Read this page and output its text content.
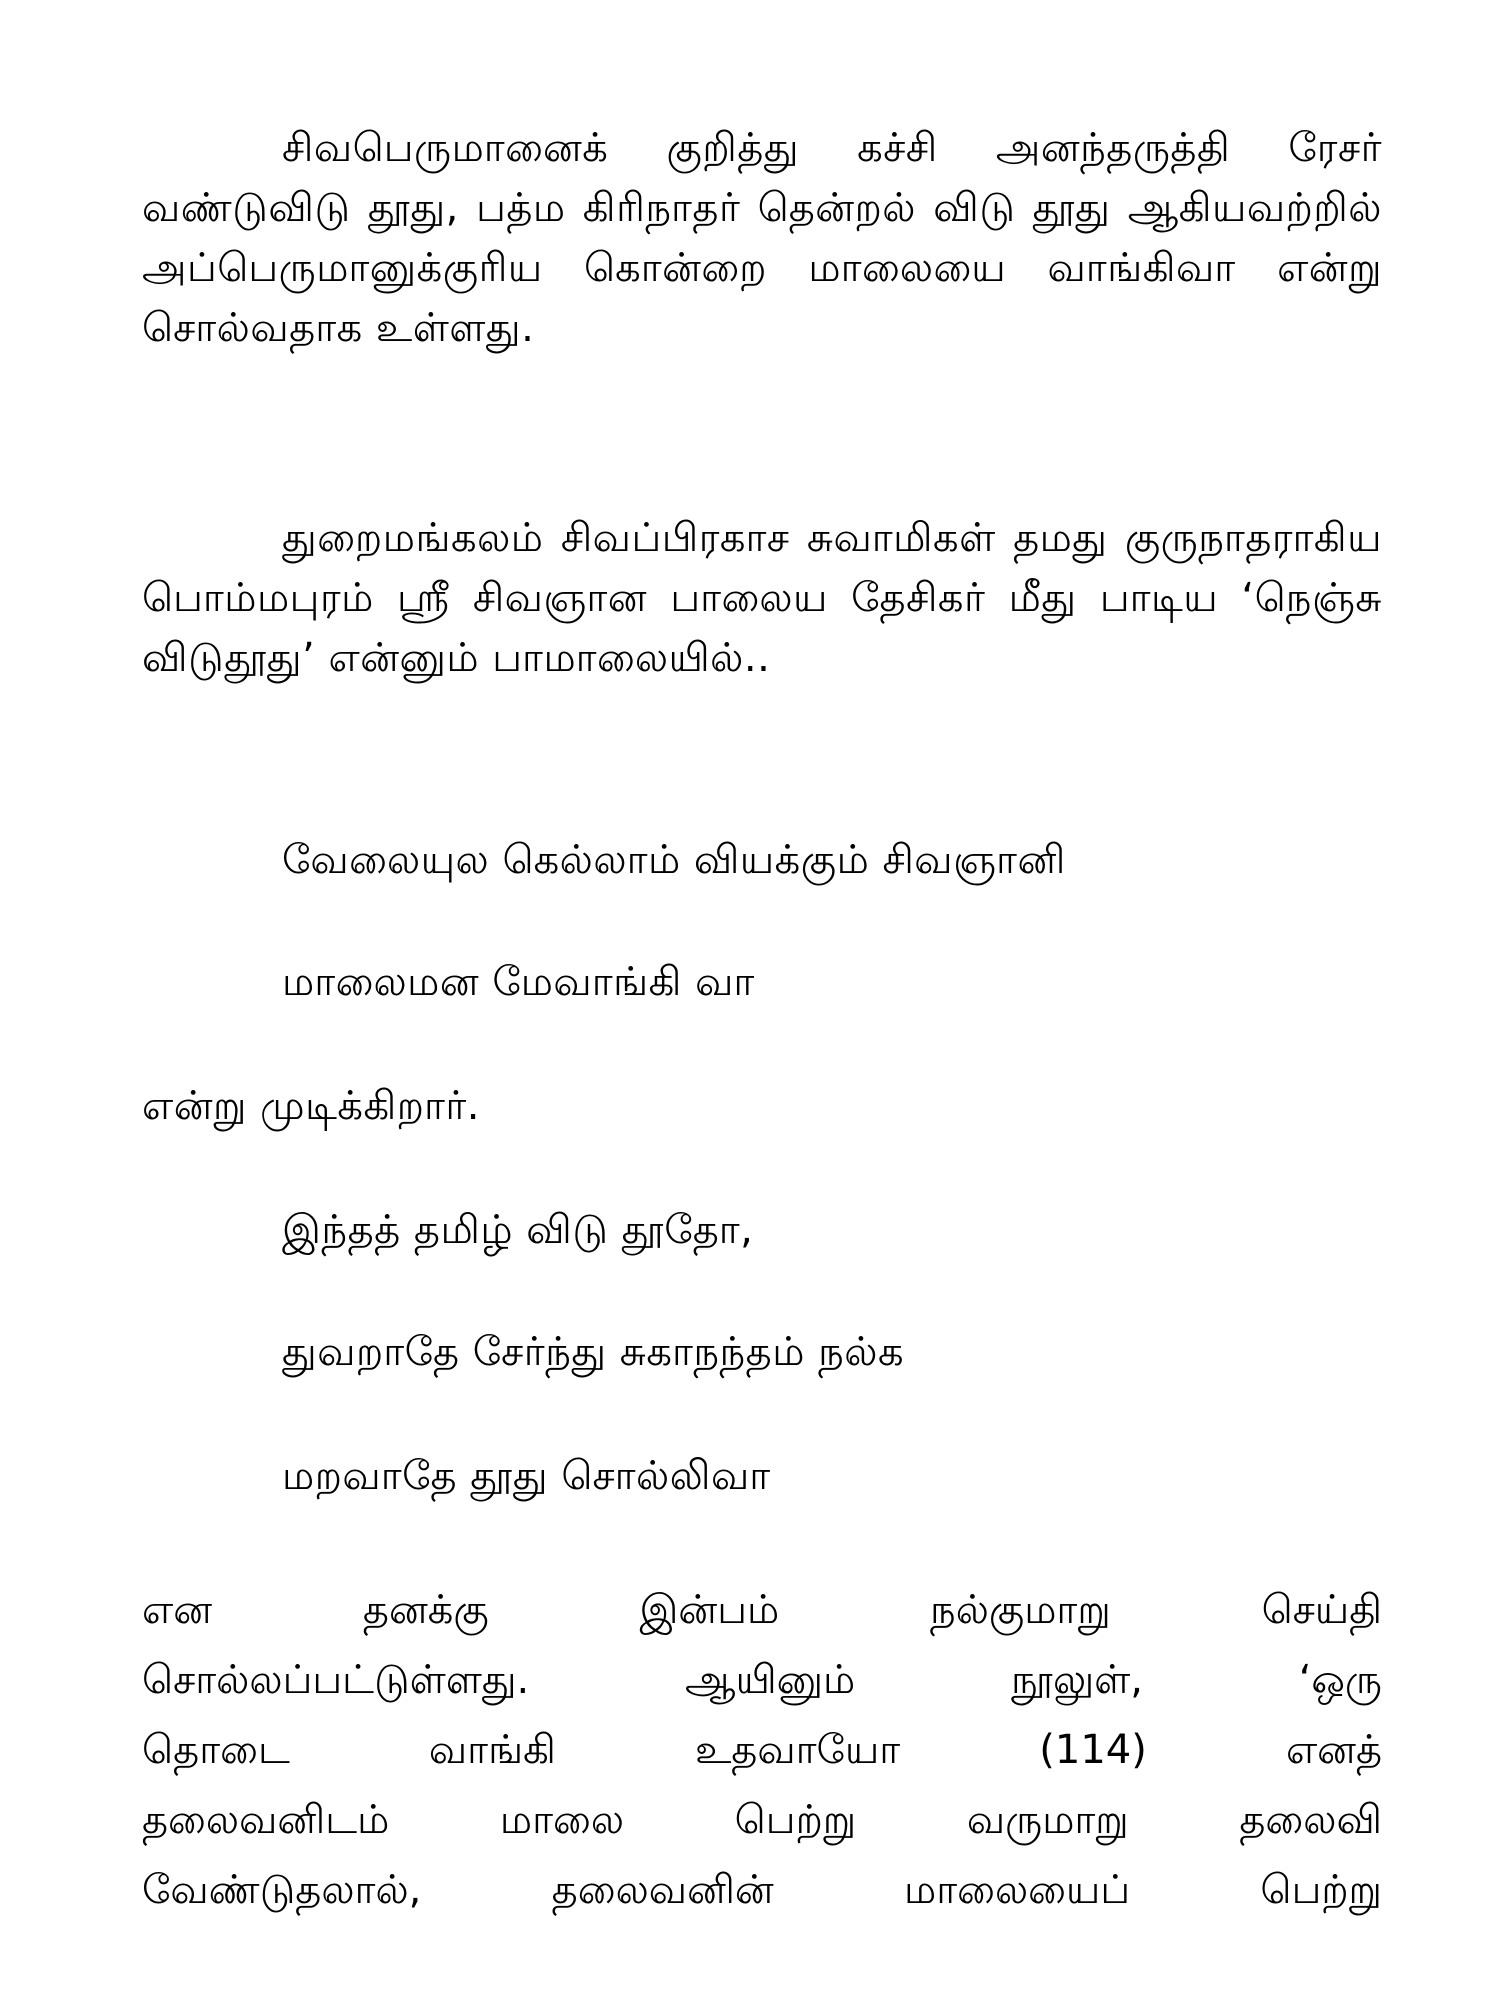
சிவபெருமானைக் குறித்து கச்சி அனந்தருத்தி ரேசர் வண்டுவிடு தூது, பத்ம கிரிநாதர் தென்றல் விடு தூது ஆகியவற்றில் அப்பெருமானுக்குரிய கொன்றை மாலையை வாங்கிவா என்று சொல்வதாக உள்ளது.

துறைமங்கலம் சிவப்பிரகாச சுவாமிகள் தமது குருநாதராகிய பொம்மபுரம் ஸ்ரீ சிவஞான பாலைய தேசிகர் மீது பாடிய ‘நெஞ்சு விடுதூது’ என்னும் பாமாலையில்..

வேலையுல கெல்லாம் வியக்கும் சிவஞானி

மாலைமன மேவாங்கி வா

என்று முடிக்கிறார்.

இந்தத் தமிழ் விடு தூதோ,

துவறாதே சேர்ந்து சுகாநந்தம் நல்க

மறவாதே தூது சொல்லிவா

என தனக்கு இன்பம் நல்குமாறு செய்தி

சொல்லப்பட்டுள்ளது. ஆயினும் நூலுள், ‘ஒரு

தொடை வாங்கி உதவாயோ (114) எனத்

தலைவனிடம் மாலை பெற்று வருமாறு தலைவி

வேண்டுதலால், தலைவனின் மாலையைப் பெற்று
